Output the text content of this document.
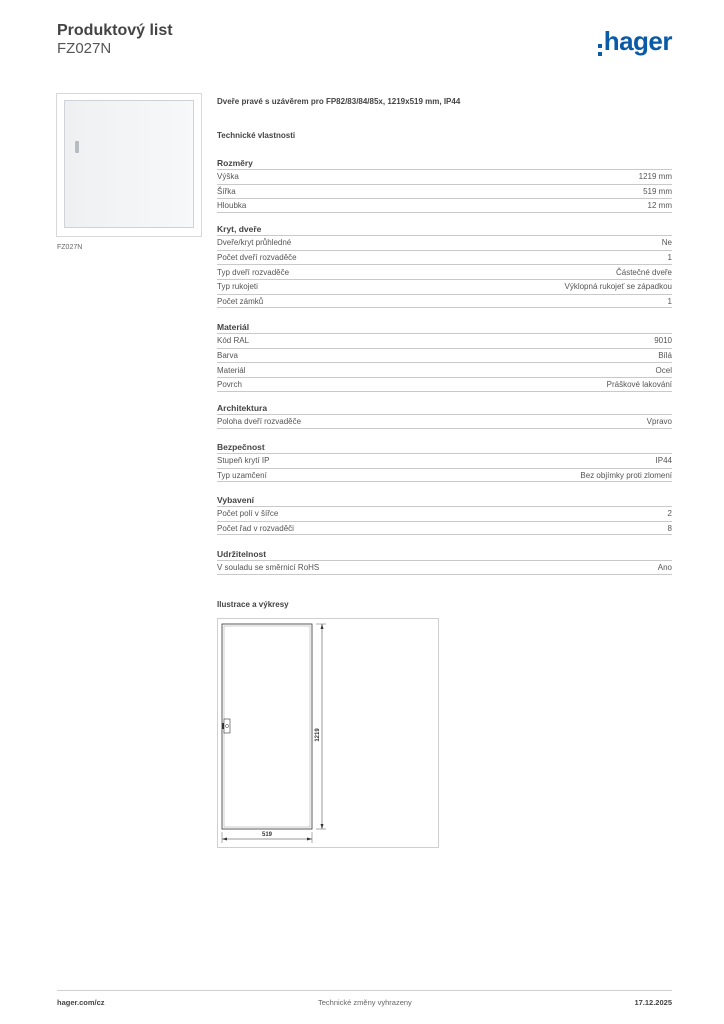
Produktový list
FZ027N	hager
FZ027N
Dveře pravé s uzávěrem pro FP82/83/84/85x, 1219x519 mm, IP44
Technické vlastnosti
Rozměry
Výška	1219 mm
Šířka	519 mm
Hloubka	12 mm
Kryt, dveře
Dveře/kryt průhledné	Ne
Počet dveří rozvaděče	1
Typ dveří rozvaděče	Částečné dveře
Typ rukojeti	Výklopná rukojeť se západkou
Počet zámků	1
Materiál
Kód RAL	9010
Barva	Bílá
Materiál	Ocel
Povrch	Práškové lakování
Architektura
Poloha dveří rozvaděče	Vpravo
Bezpečnost
Stupeň krytí IP	IP44
Typ uzamčení	Bez objímky proti zlomení
Vybavení
Počet polí v šířce	2
Počet řad v rozvaděči	8
Udržitelnost
V souladu se směrnicí RoHS	Ano
Ilustrace a výkresy
1219
519
hager.com/cz	Technické změny vyhrazeny	17.12.2025
